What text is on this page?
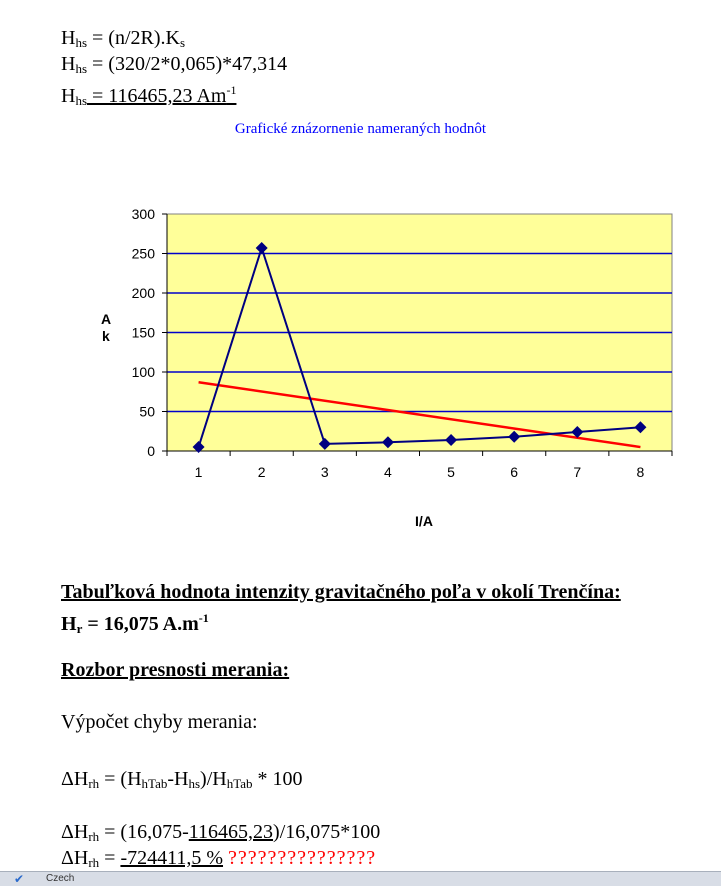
$H_{hs} = (n/2R).K_s$
$H_{hs} = (320/2*0,065)*47,314$
$H_{hs} = 116465,23$ $Am^{-1}$
Grafické znázornenie nameraných hodnôt
0
50
100
150
200
250
300
1	2	3	4	5	6	7	8
A
k
I/A
Tabuľková hodnota intenzity gravitačného poľa v okolí Trenčína:
$H_r = 16,075$ $A.m^{-1}$
Rozbor presnosti merania:
Výpočet chyby merania:
$\Delta H_{rh} = (H_{hTab}-H_{hs})/H_{hTab} * 100$
$\Delta H_{rh} = (16,075-116465,23)/16,075*100$
$\Delta H_{rh} = -724411,5$ % ???????????????
✔ Czech
